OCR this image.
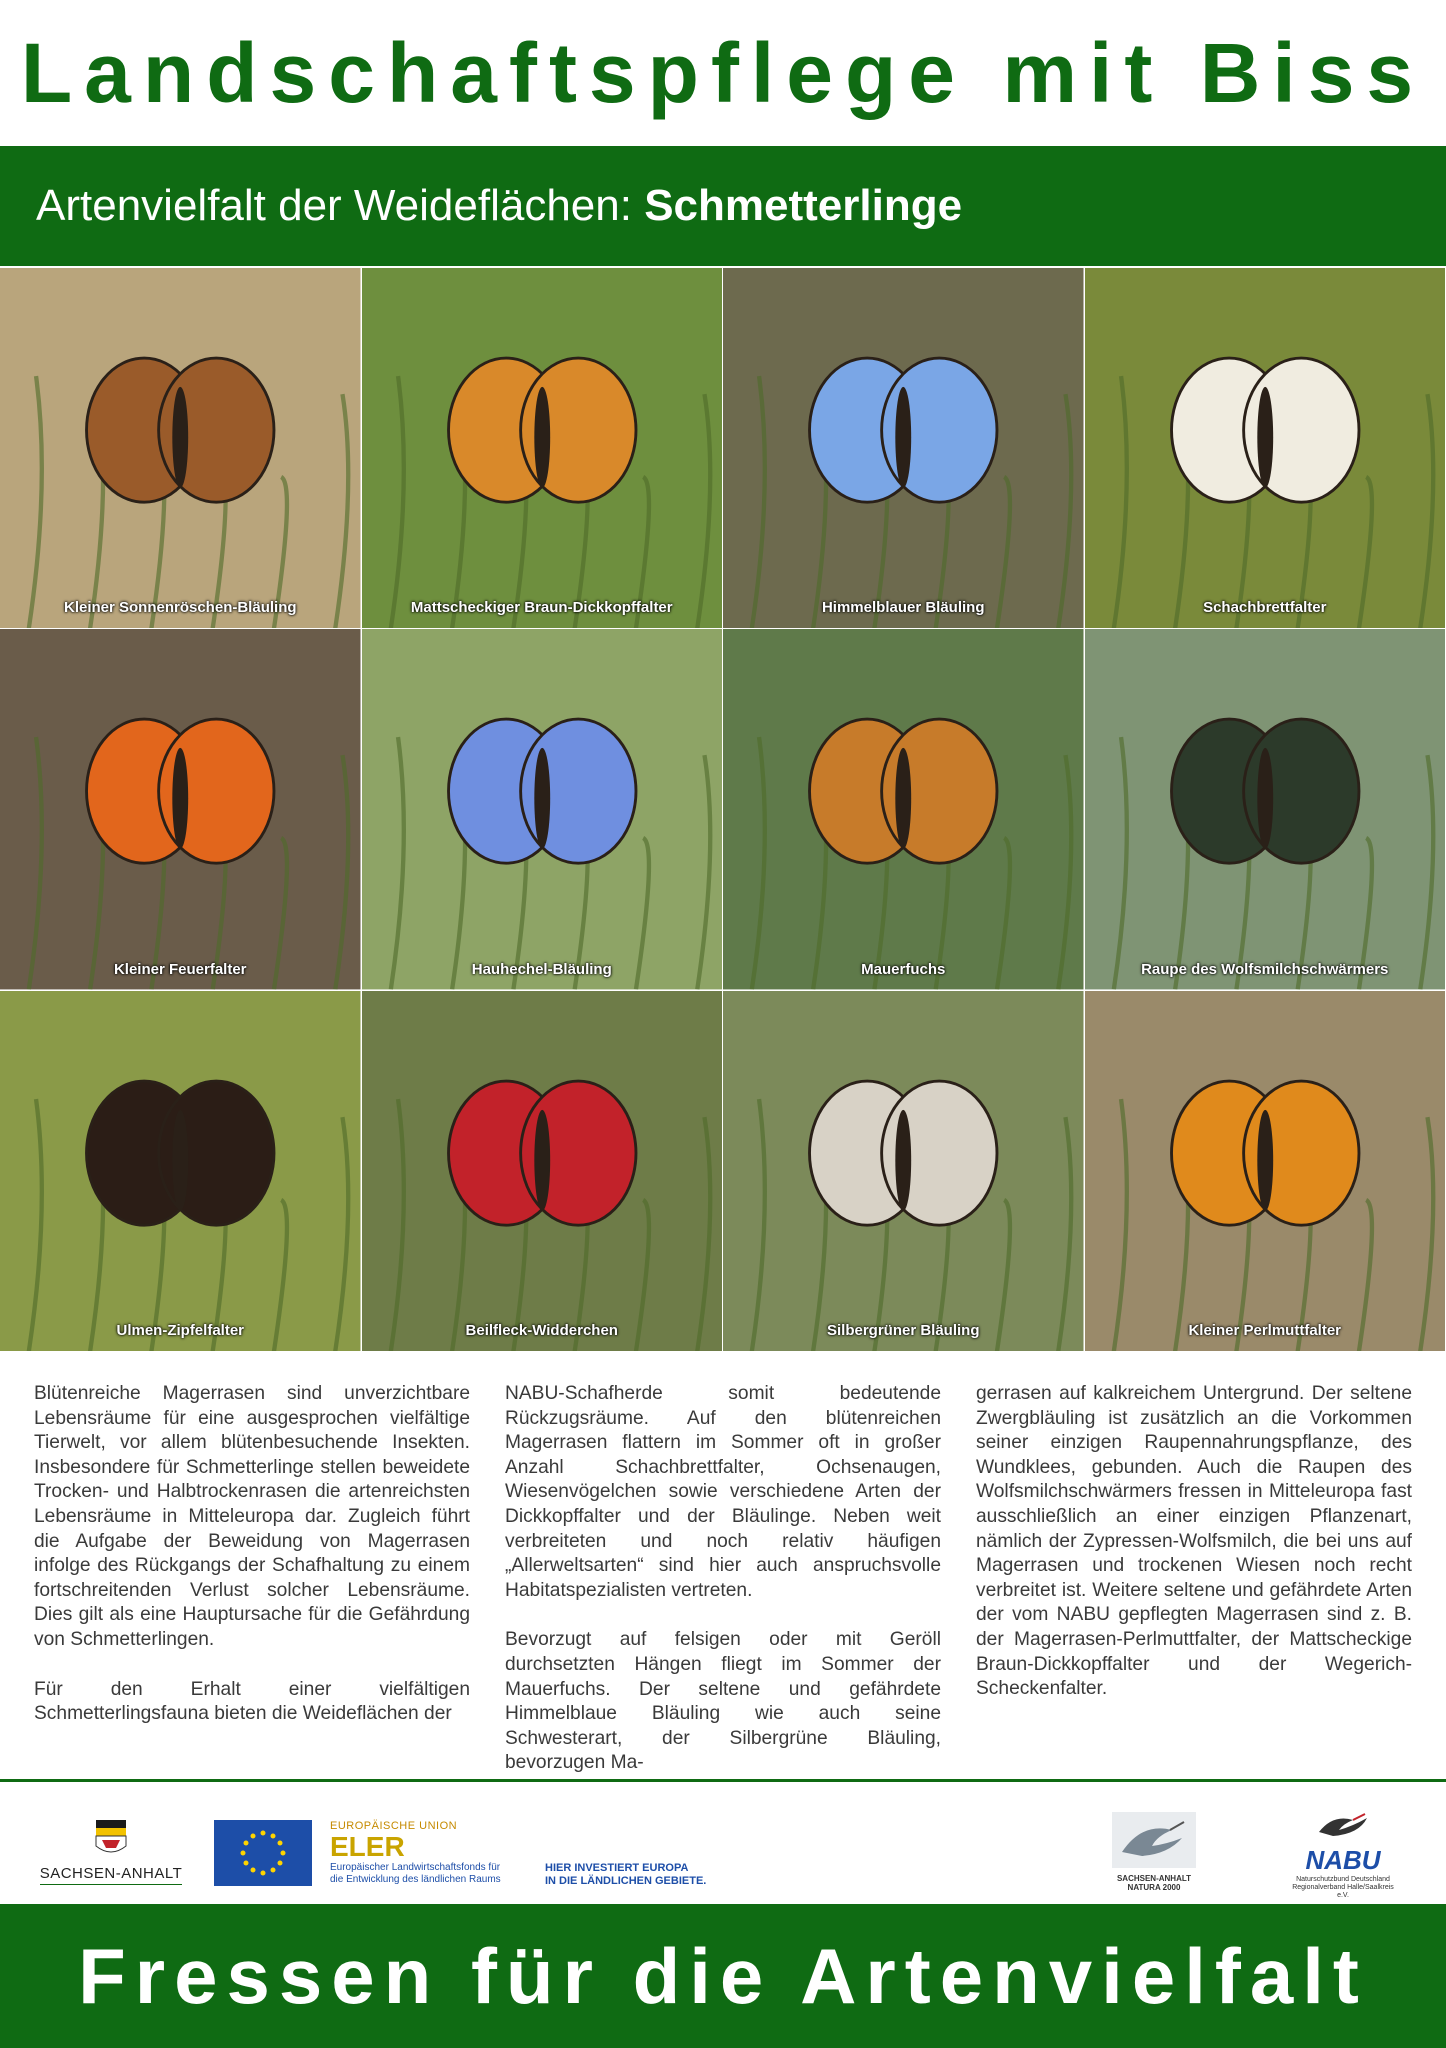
Landschaftspflege mit Biss
Artenvielfalt der Weideflächen: Schmetterlinge
Kleiner Sonnenröschen-Bläuling	Mattscheckiger Braun-Dickkopffalter	Himmelblauer Bläuling	Schachbrettfalter
Kleiner Feuerfalter	Hauhechel-Bläuling	Mauerfuchs	Raupe des Wolfsmilchschwärmers
Ulmen-Zipfelfalter	Beilfleck-Widderchen	Silbergrüner Bläuling	Kleiner Perlmuttfalter

Blütenreiche Magerrasen sind unverzichtbare Lebensräume für eine ausgesprochen vielfältige Tierwelt, vor allem blütenbesuchende Insekten. Insbesondere für Schmetterlinge stellen beweidete Trocken- und Halbtrockenrasen die artenreichsten Lebensräume in Mitteleuropa dar. Zugleich führt die Aufgabe der Beweidung von Magerrasen infolge des Rückgangs der Schafhaltung zu einem fortschreitenden Verlust solcher Lebensräume. Dies gilt als eine Hauptursache für die Gefährdung von Schmetterlingen.

Für den Erhalt einer vielfältigen Schmetterlingsfauna bieten die Weideflächen der

NABU-Schafherde somit bedeutende Rückzugsräume. Auf den blütenreichen Magerrasen flattern im Sommer oft in großer Anzahl Schachbrettfalter, Ochsenaugen, Wiesenvögelchen sowie verschiedene Arten der Dickkopffalter und der Bläulinge. Neben weit verbreiteten und noch relativ häufigen „Allerweltsarten“ sind hier auch anspruchsvolle Habitatspezialisten vertreten.

Bevorzugt auf felsigen oder mit Geröll durchsetzten Hängen fliegt im Sommer der Mauerfuchs. Der seltene und gefährdete Himmelblaue Bläuling wie auch seine Schwesterart, der Silbergrüne Bläuling, bevorzugen Ma-

gerrasen auf kalkreichem Untergrund. Der seltene Zwergbläuling ist zusätzlich an die Vorkommen seiner einzigen Raupennahrungspflanze, des Wundklees, gebunden. Auch die Raupen des Wolfsmilchschwärmers fressen in Mitteleuropa fast ausschließlich an einer einzigen Pflanzenart, nämlich der Zypressen-Wolfsmilch, die bei uns auf Magerrasen und trockenen Wiesen noch recht verbreitet ist. Weitere seltene und gefährdete Arten der vom NABU gepflegten Magerrasen sind z. B. der Magerrasen-Perlmuttfalter, der Mattscheckige Braun-Dickkopffalter und der Wegerich-Scheckenfalter.

SACHSEN-ANHALT
EUROPÄISCHE UNION
ELER
Europäischer Landwirtschaftsfonds für
die Entwicklung des ländlichen Raums
HIER INVESTIERT EUROPA
IN DIE LÄNDLICHEN GEBIETE.	SACHSEN-ANHALT
NATURA 2000
NABU
Naturschutzbund Deutschland
Regionalverband Halle/Saalkreis e.V.
Fressen für die Artenvielfalt
